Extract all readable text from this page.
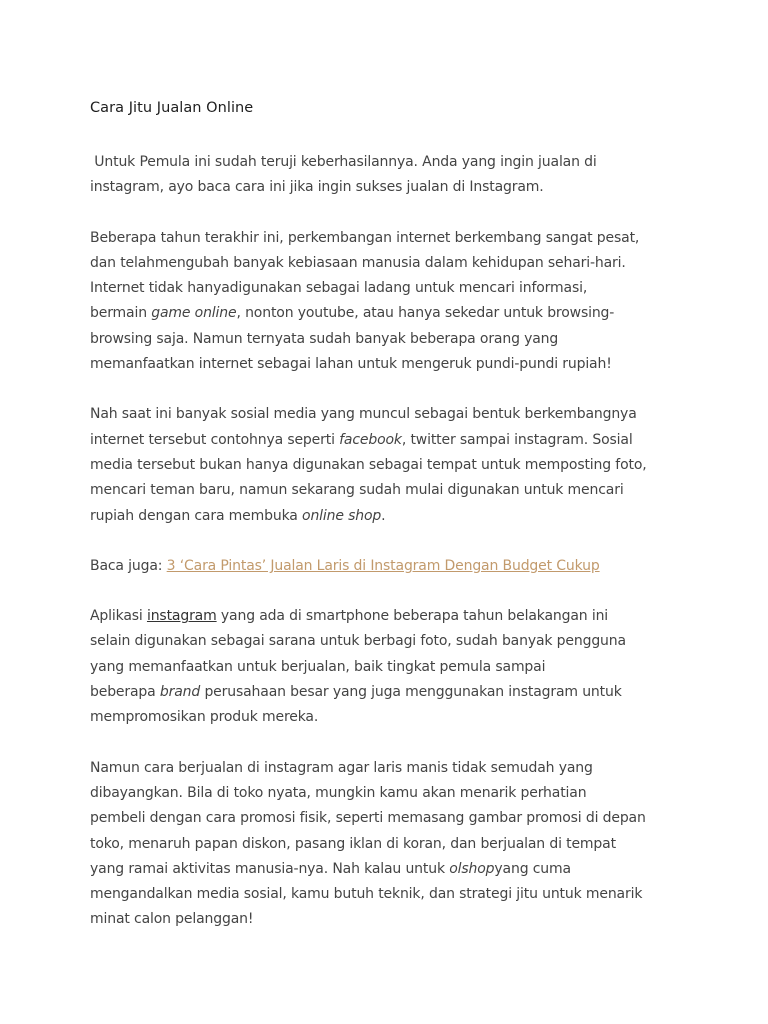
Cara Jitu Jualan Online
Untuk Pemula ini sudah teruji keberhasilannya. Anda yang ingin jualan di
instagram, ayo baca cara ini jika ingin sukses jualan di Instagram.
Beberapa tahun terakhir ini, perkembangan internet berkembang sangat pesat,
dan telahmengubah banyak kebiasaan manusia dalam kehidupan sehari-hari.
Internet tidak hanyadigunakan sebagai ladang untuk mencari informasi,
bermain game online, nonton youtube, atau hanya sekedar untuk browsing-
browsing saja. Namun ternyata sudah banyak beberapa orang yang
memanfaatkan internet sebagai lahan untuk mengeruk pundi-pundi rupiah!
Nah saat ini banyak sosial media yang muncul sebagai bentuk berkembangnya
internet tersebut contohnya seperti facebook, twitter sampai instagram. Sosial
media tersebut bukan hanya digunakan sebagai tempat untuk memposting foto,
mencari teman baru, namun sekarang sudah mulai digunakan untuk mencari
rupiah dengan cara membuka online shop.
Baca juga: 3 ‘Cara Pintas’ Jualan Laris di Instagram Dengan Budget Cukup
Aplikasi instagram yang ada di smartphone beberapa tahun belakangan ini
selain digunakan sebagai sarana untuk berbagi foto, sudah banyak pengguna
yang memanfaatkan untuk berjualan, baik tingkat pemula sampai
beberapa brand perusahaan besar yang juga menggunakan instagram untuk
mempromosikan produk mereka.
Namun cara berjualan di instagram agar laris manis tidak semudah yang
dibayangkan. Bila di toko nyata, mungkin kamu akan menarik perhatian
pembeli dengan cara promosi fisik, seperti memasang gambar promosi di depan
toko, menaruh papan diskon, pasang iklan di koran, dan berjualan di tempat
yang ramai aktivitas manusia-nya. Nah kalau untuk olshopyang cuma
mengandalkan media sosial, kamu butuh teknik, dan strategi jitu untuk menarik
minat calon pelanggan!
